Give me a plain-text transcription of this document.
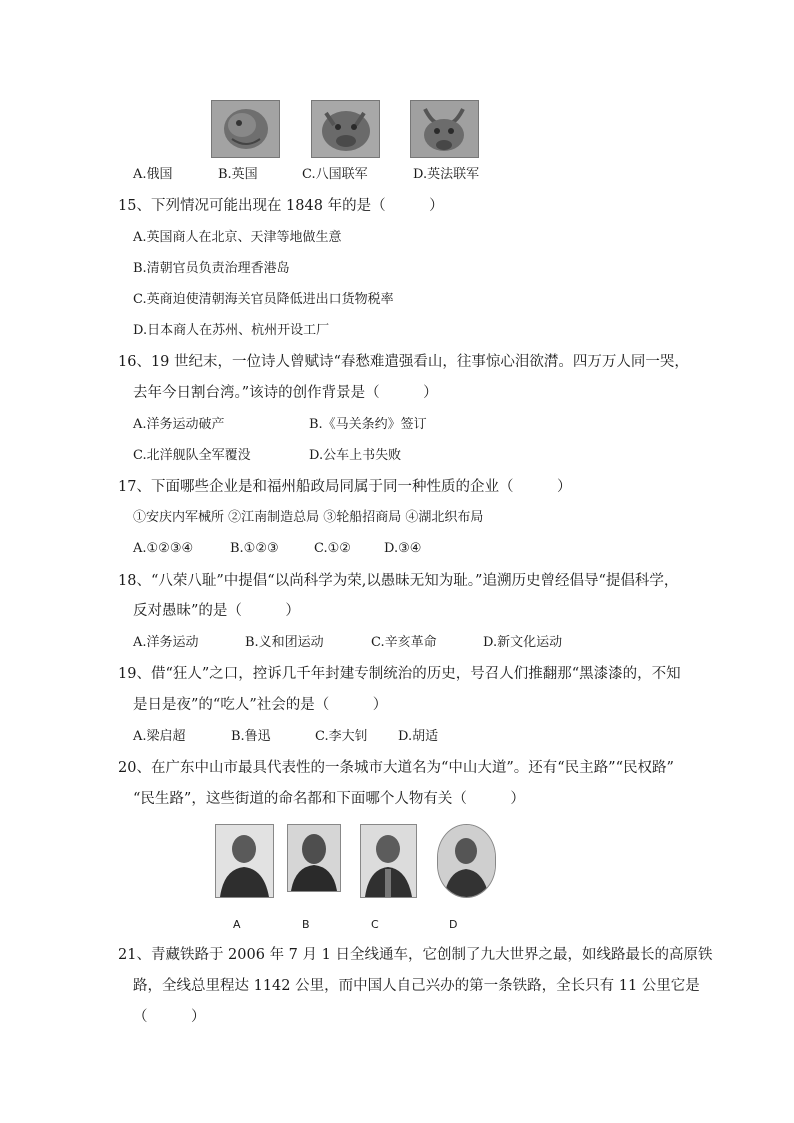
A.俄国	B.英国	C.八国联军	D.英法联军
15、下列情况可能出现在 1848 年的是（　　　）
A.英国商人在北京、天津等地做生意
B.清朝官员负责治理香港岛
C.英商迫使清朝海关官员降低进出口货物税率
D.日本商人在苏州、杭州开设工厂
16、19 世纪末，一位诗人曾赋诗“春愁难遣强看山，往事惊心泪欲潸。四万万人同一哭，
去年今日割台湾。”该诗的创作背景是（　　　）
A.洋务运动破产	B.《马关条约》签订
C.北洋舰队全军覆没	D.公车上书失败
17、下面哪些企业是和福州船政局同属于同一种性质的企业（　　　）
①安庆内军械所 ②江南制造总局 ③轮船招商局 ④湖北织布局
A.①②③④	B.①②③	C.①②	D.③④
18、“八荣八耻”中提倡“以尚科学为荣,以愚昧无知为耻。”追溯历史曾经倡导“提倡科学，
反对愚昧”的是（　　　）
A.洋务运动	B.义和团运动	C.辛亥革命	D.新文化运动
19、借“狂人”之口，控诉几千年封建专制统治的历史，号召人们推翻那“黑漆漆的，不知
是日是夜”的“吃人”社会的是（　　　）
A.梁启超	B.鲁迅	C.李大钊 D.胡适
20、在广东中山市最具代表性的一条城市大道名为“中山大道”。还有“民主路”“民权路”
“民生路”，这些街道的命名都和下面哪个人物有关（　　　）
A	B	C	D
21、青藏铁路于 2006 年 7 月 1 日全线通车，它创制了九大世界之最，如线路最长的高原铁
路，全线总里程达 1142 公里，而中国人自己兴办的第一条铁路，全长只有 11 公里它是
（　　　）
